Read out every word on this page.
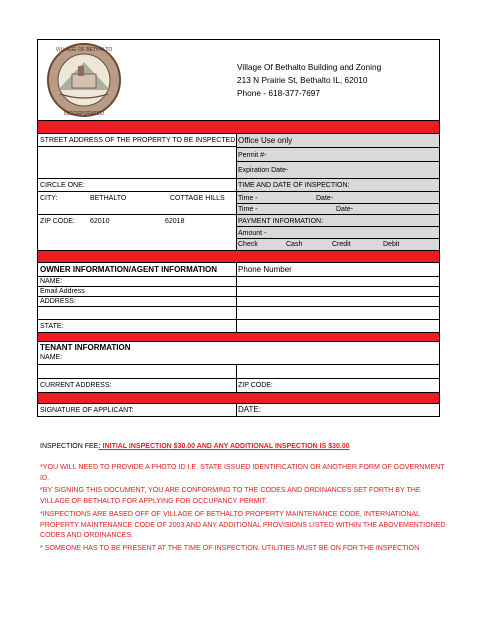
VILLAGE OF BETHALTO
INCORPORATED
Village Of Bethalto Building and Zoning
213 N Prairie St, Bethalto IL, 62010
Phone - 618-377-7697
STREET ADDRESS OF THE PROPERTY TO BE INSPECTED:
CIRCLE ONE:
CITY:	BETHALTO	COTTAGE HILLS
ZIP CODE: 62010	62018
Office Use only
Permit #-
Expiration Date-
TIME AND DATE OF INSPECTION:
Time -	Date-
Time -	Date-
PAYMENT INFORMATION:
Amount -
Check	Cash	Credit	Debit
OWNER INFORMATION/AGENT INFORMATION	Phone Number
NAME:
Email Address
ADDRESS:
STATE:
TENANT INFORMATION
NAME:
CURRENT ADDRESS:	ZIP CODE:
SIGNATURE OF APPLICANT:	DATE:
INSPECTION FEE: INITIAL INSPECTION $30.00 AND ANY ADDITIONAL INSPECTION IS $30.00
*YOU WILL NEED TO PROVIDE A PHOTO ID I.E. STATE ISSUED IDENTIFICATION OR ANOTHER FORM OF GOVERNMENT ID.
*BY SIGNING THIS DOCUMENT, YOU ARE CONFORMING TO THE CODES AND ORDINANCES SET FORTH BY THE VILLAGE OF BETHALTO FOR APPLYING FOR OCCUPANCY PERMIT.
*INSPECTIONS ARE BASED OFF OF VILLAGE OF BETHALTO PROPERTY MAINTENANCE CODE, INTERNATIONAL PROPERTY MAINTENANCE CODE OF 2003 AND ANY ADDITIONAL PROVISIONS LISTED WITHIN THE ABOVEMENTIONED CODES AND ORDINANCES.
* SOMEONE HAS TO BE PRESENT AT THE TIME OF INSPECTION. UTILITIES MUST BE ON FOR THE INSPECTION
